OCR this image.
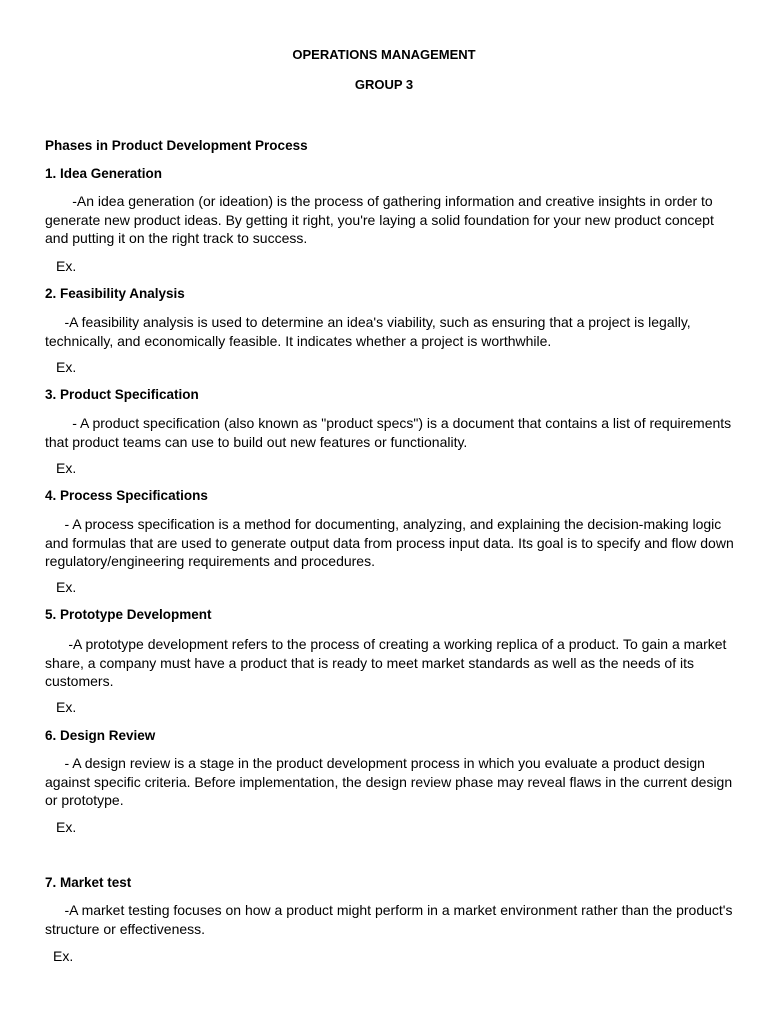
OPERATIONS MANAGEMENT
GROUP 3
Phases in Product Development Process
1. Idea Generation
-An idea generation (or ideation) is the process of gathering information and creative insights in order to generate new product ideas. By getting it right, you're laying a solid foundation for your new product concept and putting it on the right track to success.
Ex.
2. Feasibility Analysis
-A feasibility analysis is used to determine an idea's viability, such as ensuring that a project is legally, technically, and economically feasible. It indicates whether a project is worthwhile.
Ex.
3. Product Specification
- A product specification (also known as "product specs") is a document that contains a list of requirements that product teams can use to build out new features or functionality.
Ex.
4. Process Specifications
- A process specification is a method for documenting, analyzing, and explaining the decision-making logic and formulas that are used to generate output data from process input data. Its goal is to specify and flow down regulatory/engineering requirements and procedures.
Ex.
5. Prototype Development
-A prototype development refers to the process of creating a working replica of a product. To gain a market share, a company must have a product that is ready to meet market standards as well as the needs of its customers.
Ex.
6. Design Review
- A design review is a stage in the product development process in which you evaluate a product design against specific criteria. Before implementation, the design review phase may reveal flaws in the current design or prototype.
Ex.
7. Market test
-A market testing focuses on how a product might perform in a market environment rather than the product's structure or effectiveness.
Ex.
